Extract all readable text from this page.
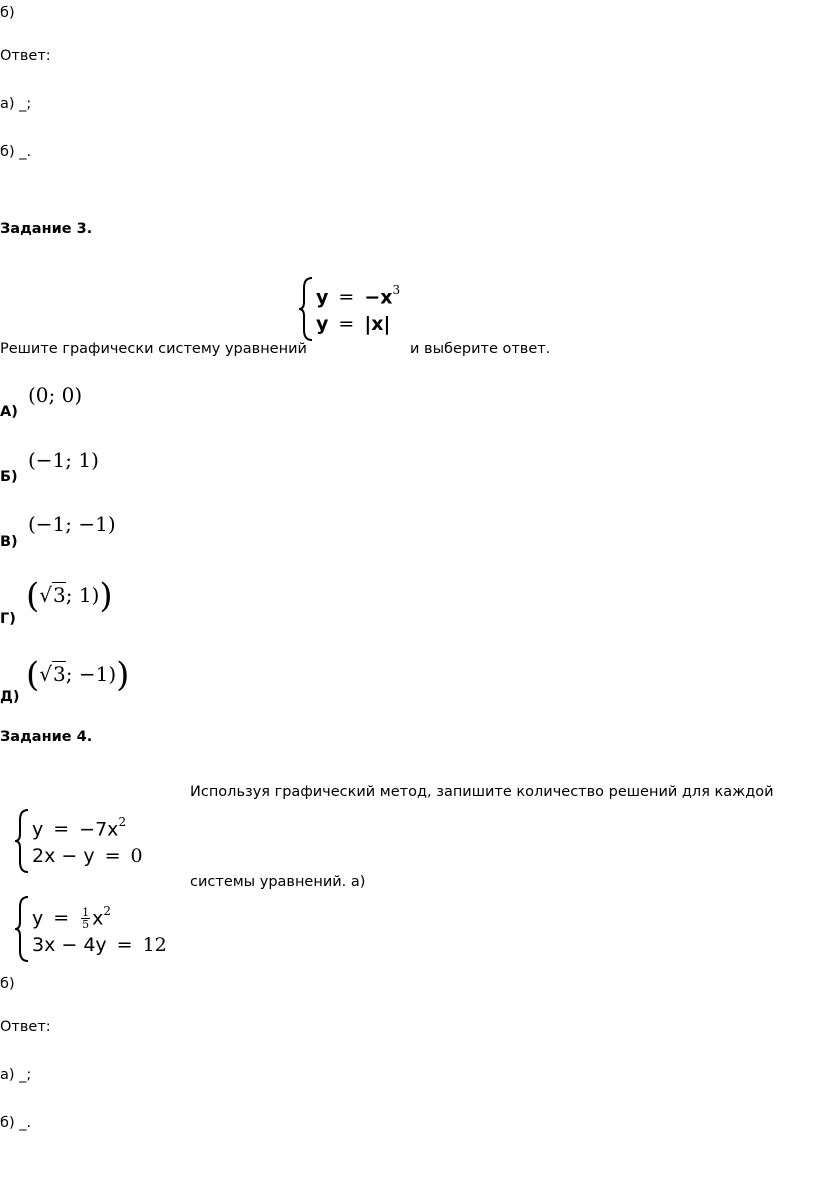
б)
Ответ:
а) _;
б) _.
Задание 3.
$y = -x^3$
y = |x|
Решите графически систему уравнений	и выберите ответ.
А)
(0; 0)
Б)
(−1; 1)
В)
(−1; −1)
Г)
(√3; 1))
Д)
(√3; −1))
Задание 4.
Используя графический метод, запишите количество решений для каждой
$y = -7x^2$
2x − y = 0
системы уравнений. а)
$y = \frac{1}{5} x^2$
3x − 4y = 12
б)
Ответ:
а) _;
б) _.
